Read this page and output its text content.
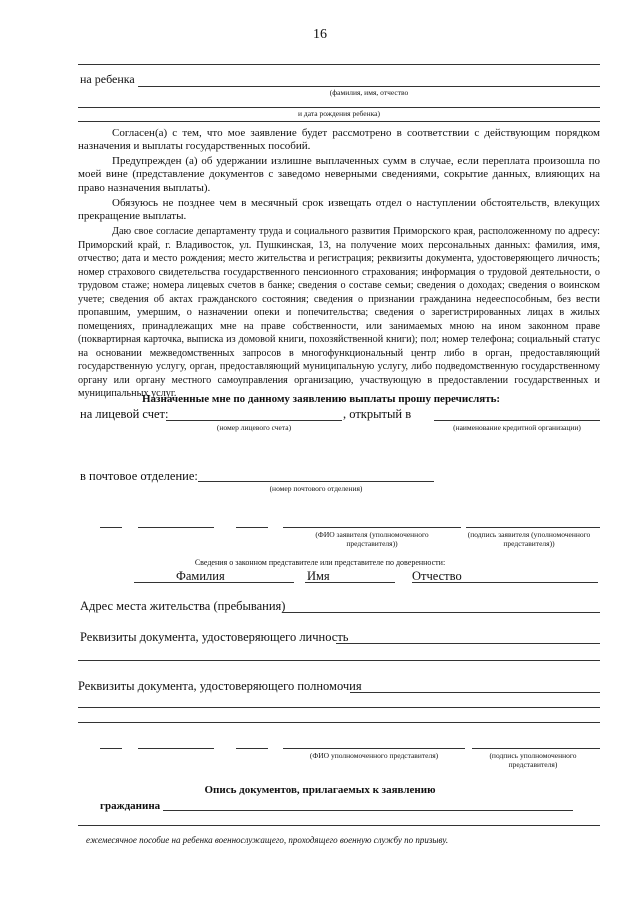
16
на ребенка
(фамилия, имя, отчество
и дата рождения ребенка)
Согласен(а) с тем, что мое заявление будет рассмотрено в соответствии с действующим порядком назначения и выплаты государственных пособий.
Предупрежден (а) об удержании излишне выплаченных сумм в случае, если переплата произошла по моей вине (представление документов с заведомо неверными сведениями, сокрытие данных, влияющих на право назначения выплаты).
Обязуюсь не позднее чем в месячный срок извещать отдел о наступлении обстоятельств, влекущих прекращение выплаты.
Даю свое согласие департаменту труда и социального развития Приморского края, расположенному по адресу: Приморский край, г. Владивосток, ул. Пушкинская, 13, на получение моих персональных данных: фамилия, имя, отчество; дата и место рождения; место жительства и регистрация; реквизиты документа, удостоверяющего личность; номер страхового свидетельства государственного пенсионного страхования; информация о трудовой деятельности, о трудовом стаже; номера лицевых счетов в банке; сведения о составе семьи; сведения о доходах; сведения о воинском учете; сведения об актах гражданского состояния; сведения о признании гражданина недееспособным, без вести пропавшим, умершим, о назначении опеки и попечительства; сведения о зарегистрированных лицах в жилых помещениях, принадлежащих мне на праве собственности, или занимаемых мною на ином законном праве (поквартирная карточка, выписка из домовой книги, похозяйственной книги); пол; номер телефона; социальный статус на основании межведомственных запросов в многофункциональный центр либо в орган, предоставляющий государственную услугу, орган, предоставляющий муниципальную услугу, либо подведомственную государственному органу или органу местного самоуправления организацию, участвующую в предоставлении государственных и муниципальных услуг.
Назначенные мне по данному заявлению выплаты прошу перечислять:
на лицевой счет:	, открытый в
(номер лицевого счета)	(наименование кредитной организации)
в почтовое отделение:
(номер почтового отделения)
(ФИО заявителя (уполномоченного представителя))
(подпись заявителя (уполномоченного представителя))
Сведения о законном представителе или представителе по доверенности:
Фамилия	Имя	Отчество
Адрес места жительства (пребывания)
Реквизиты документа, удостоверяющего личность
Реквизиты документа, удостоверяющего полномочия
(ФИО уполномоченного представителя)	(подпись уполномоченного представителя)
Опись документов, прилагаемых к заявлению
гражданина
ежемесячное пособие на ребенка военнослужащего, проходящего военную службу по призыву.
